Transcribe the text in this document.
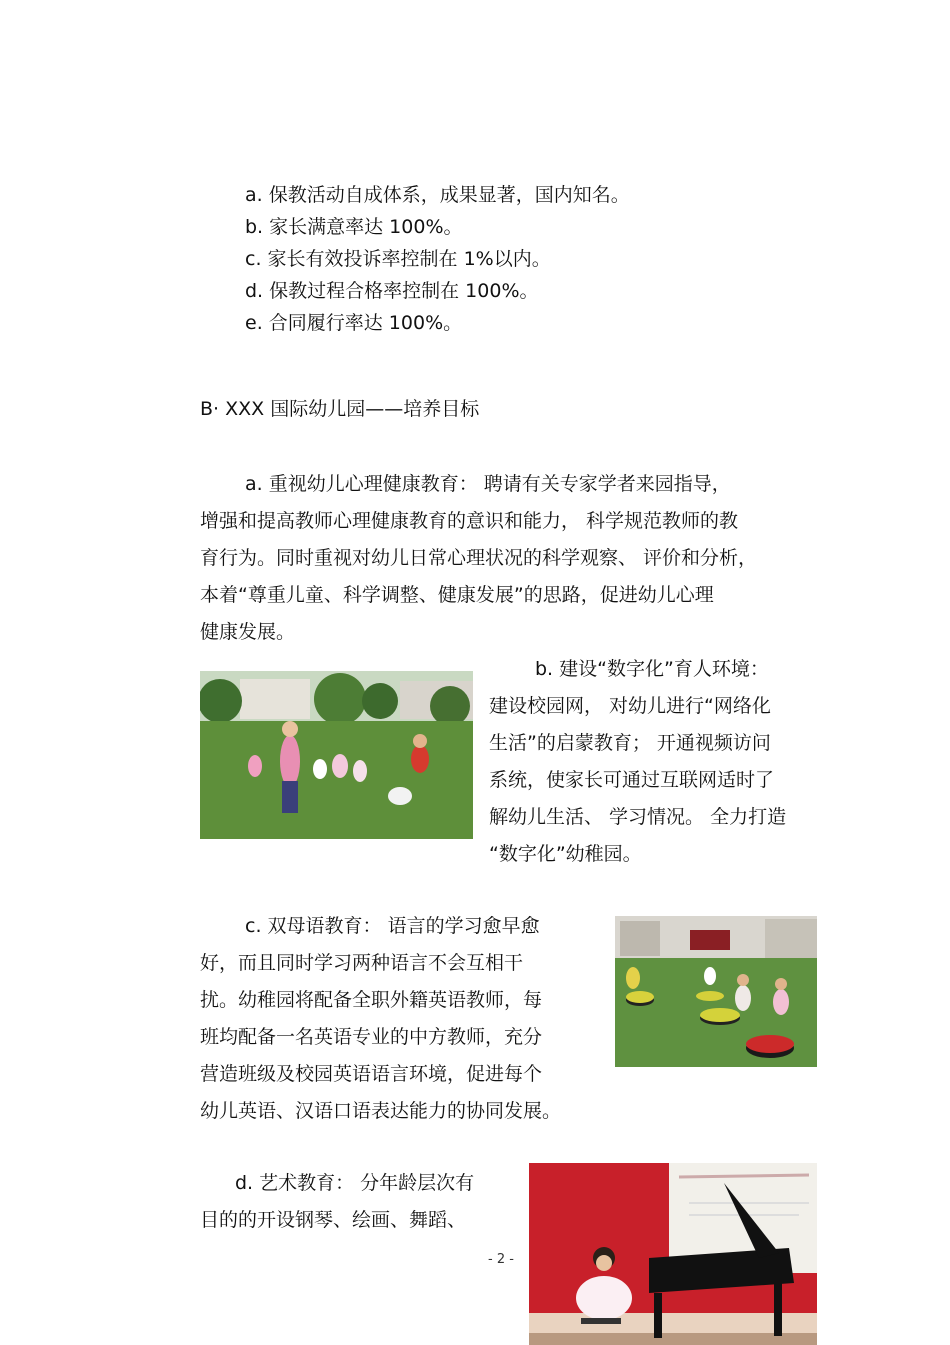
a. 保教活动自成体系，成果显著，国内知名。
b. 家长满意率达 100%。
c. 家长有效投诉率控制在 1%以内。
d. 保教过程合格率控制在 100%。
e. 合同履行率达 100%。
B· XXX 国际幼儿园——培养目标
a. 重视幼儿心理健康教育： 聘请有关专家学者来园指导，
增强和提高教师心理健康教育的意识和能力， 科学规范教师的教
育行为。同时重视对幼儿日常心理状况的科学观察、 评价和分析，
本着“尊重儿童、科学调整、健康发展”的思路，促进幼儿心理
健康发展。
b. 建设“数字化”育人环境：
建设校园网， 对幼儿进行“网络化
生活”的启蒙教育； 开通视频访问
系统，使家长可通过互联网适时了
解幼儿生活、 学习情况。 全力打造
“数字化”幼稚园。
c. 双母语教育： 语言的学习愈早愈
好，而且同时学习两种语言不会互相干
扰。幼稚园将配备全职外籍英语教师，每
班均配备一名英语专业的中方教师，充分
营造班级及校园英语语言环境，促进每个
幼儿英语、汉语口语表达能力的协同发展。
d. 艺术教育： 分年龄层次有
目的的开设钢琴、绘画、舞蹈、
- 2 -
